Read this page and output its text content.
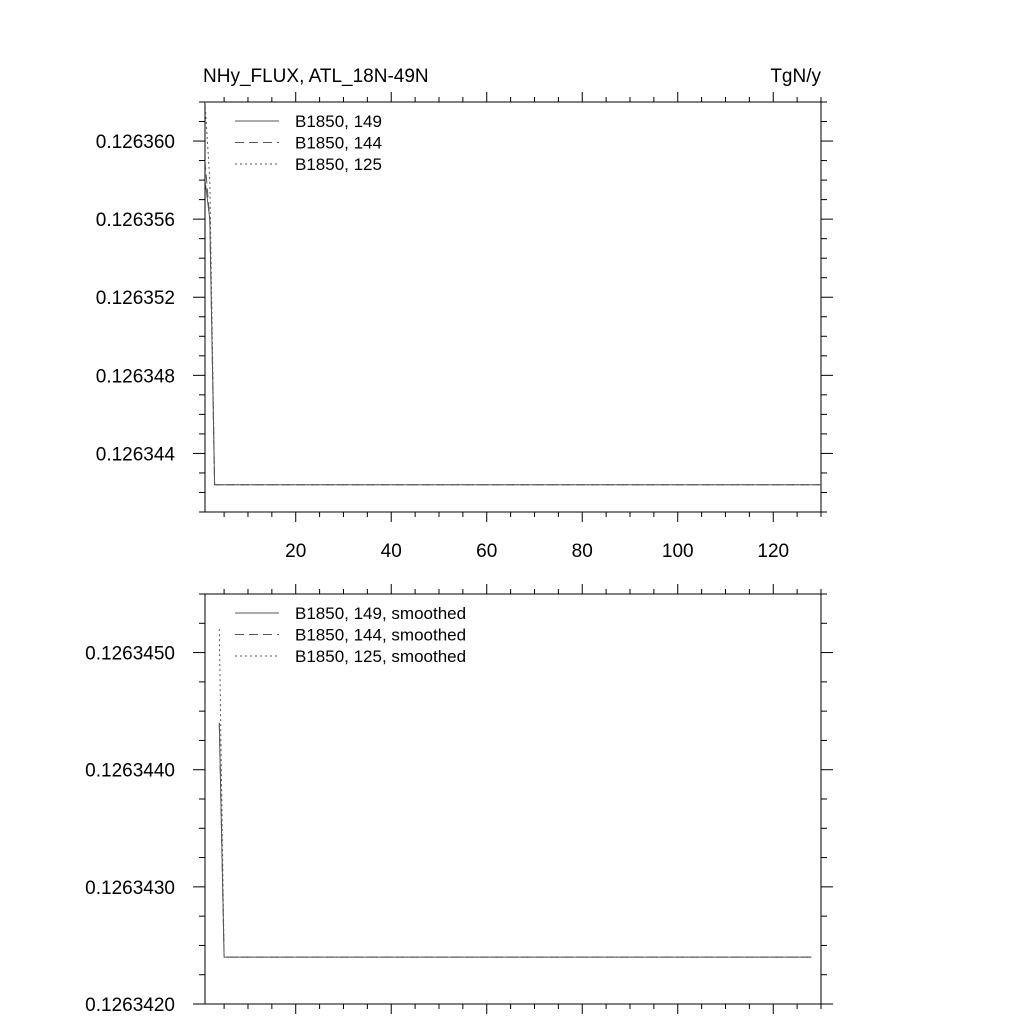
NHy_FLUX, ATL_18N-49N	TgN/y
20	40	60	80	100	120
0.126344
0.126348
0.126352
0.126356
0.126360
B1850, 149
B1850, 144
B1850, 125
0.1263420
0.1263430
0.1263440
0.1263450
B1850, 149, smoothed
B1850, 144, smoothed
B1850, 125, smoothed
